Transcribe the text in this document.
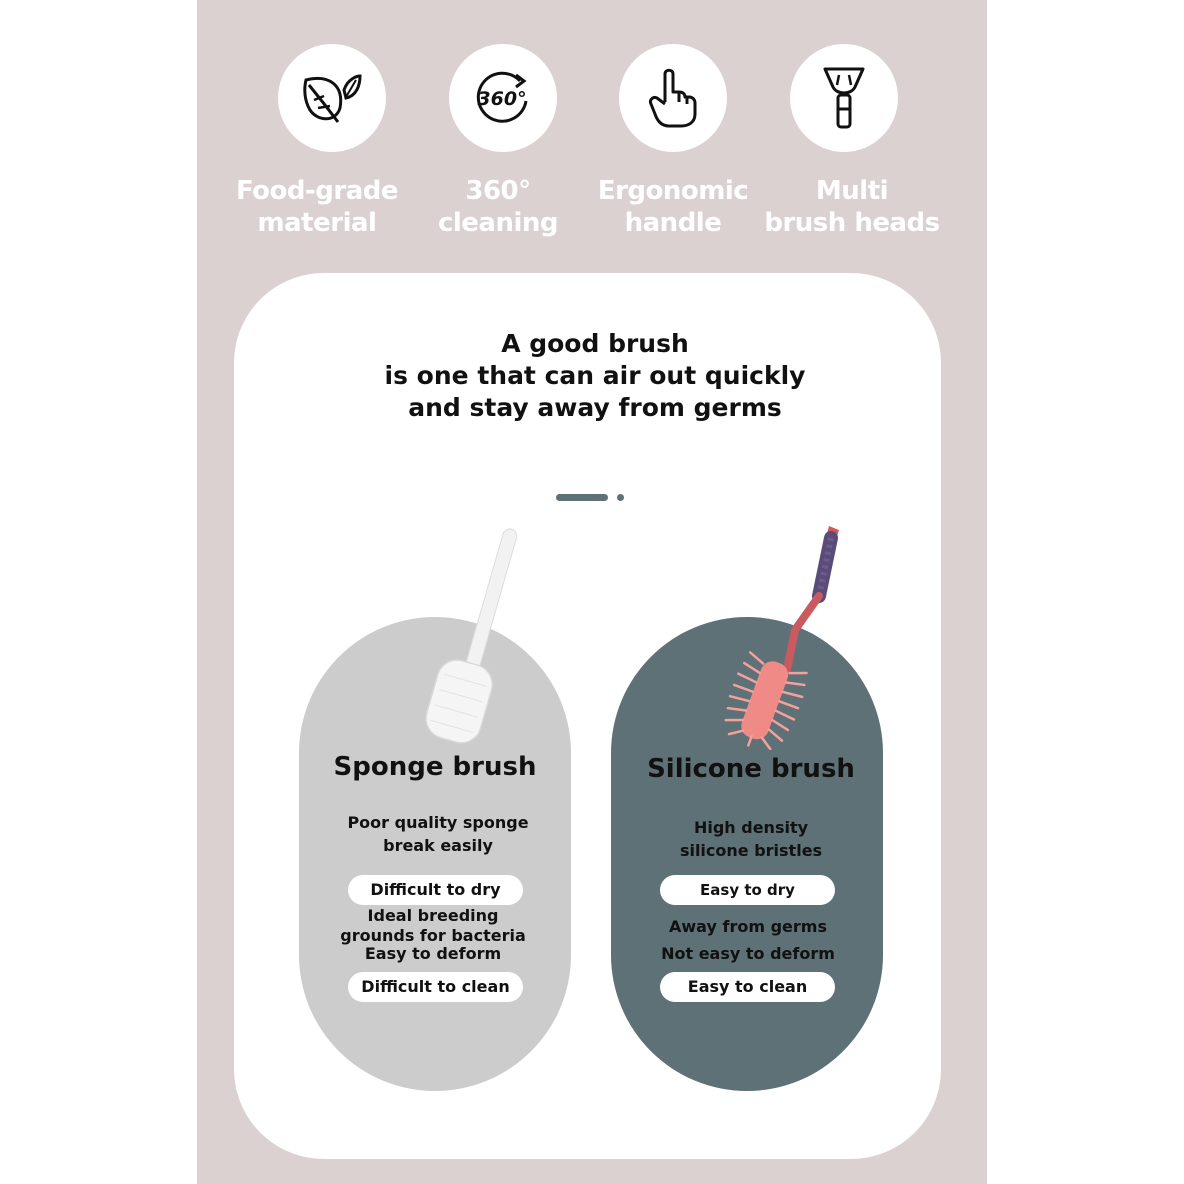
360°
Food-grade
material
360°
cleaning
Ergonomic
handle
Multi
brush heads
A good brush
is one that can air out quickly
and stay away from germs
Sponge brush
Poor quality sponge
break easily
Difficult to dry
Ideal breeding
grounds for bacteria
Easy to deform
Difficult to clean
Silicone brush
High density
silicone bristles
Easy to dry
Away from germs
Not easy to deform
Easy to clean
